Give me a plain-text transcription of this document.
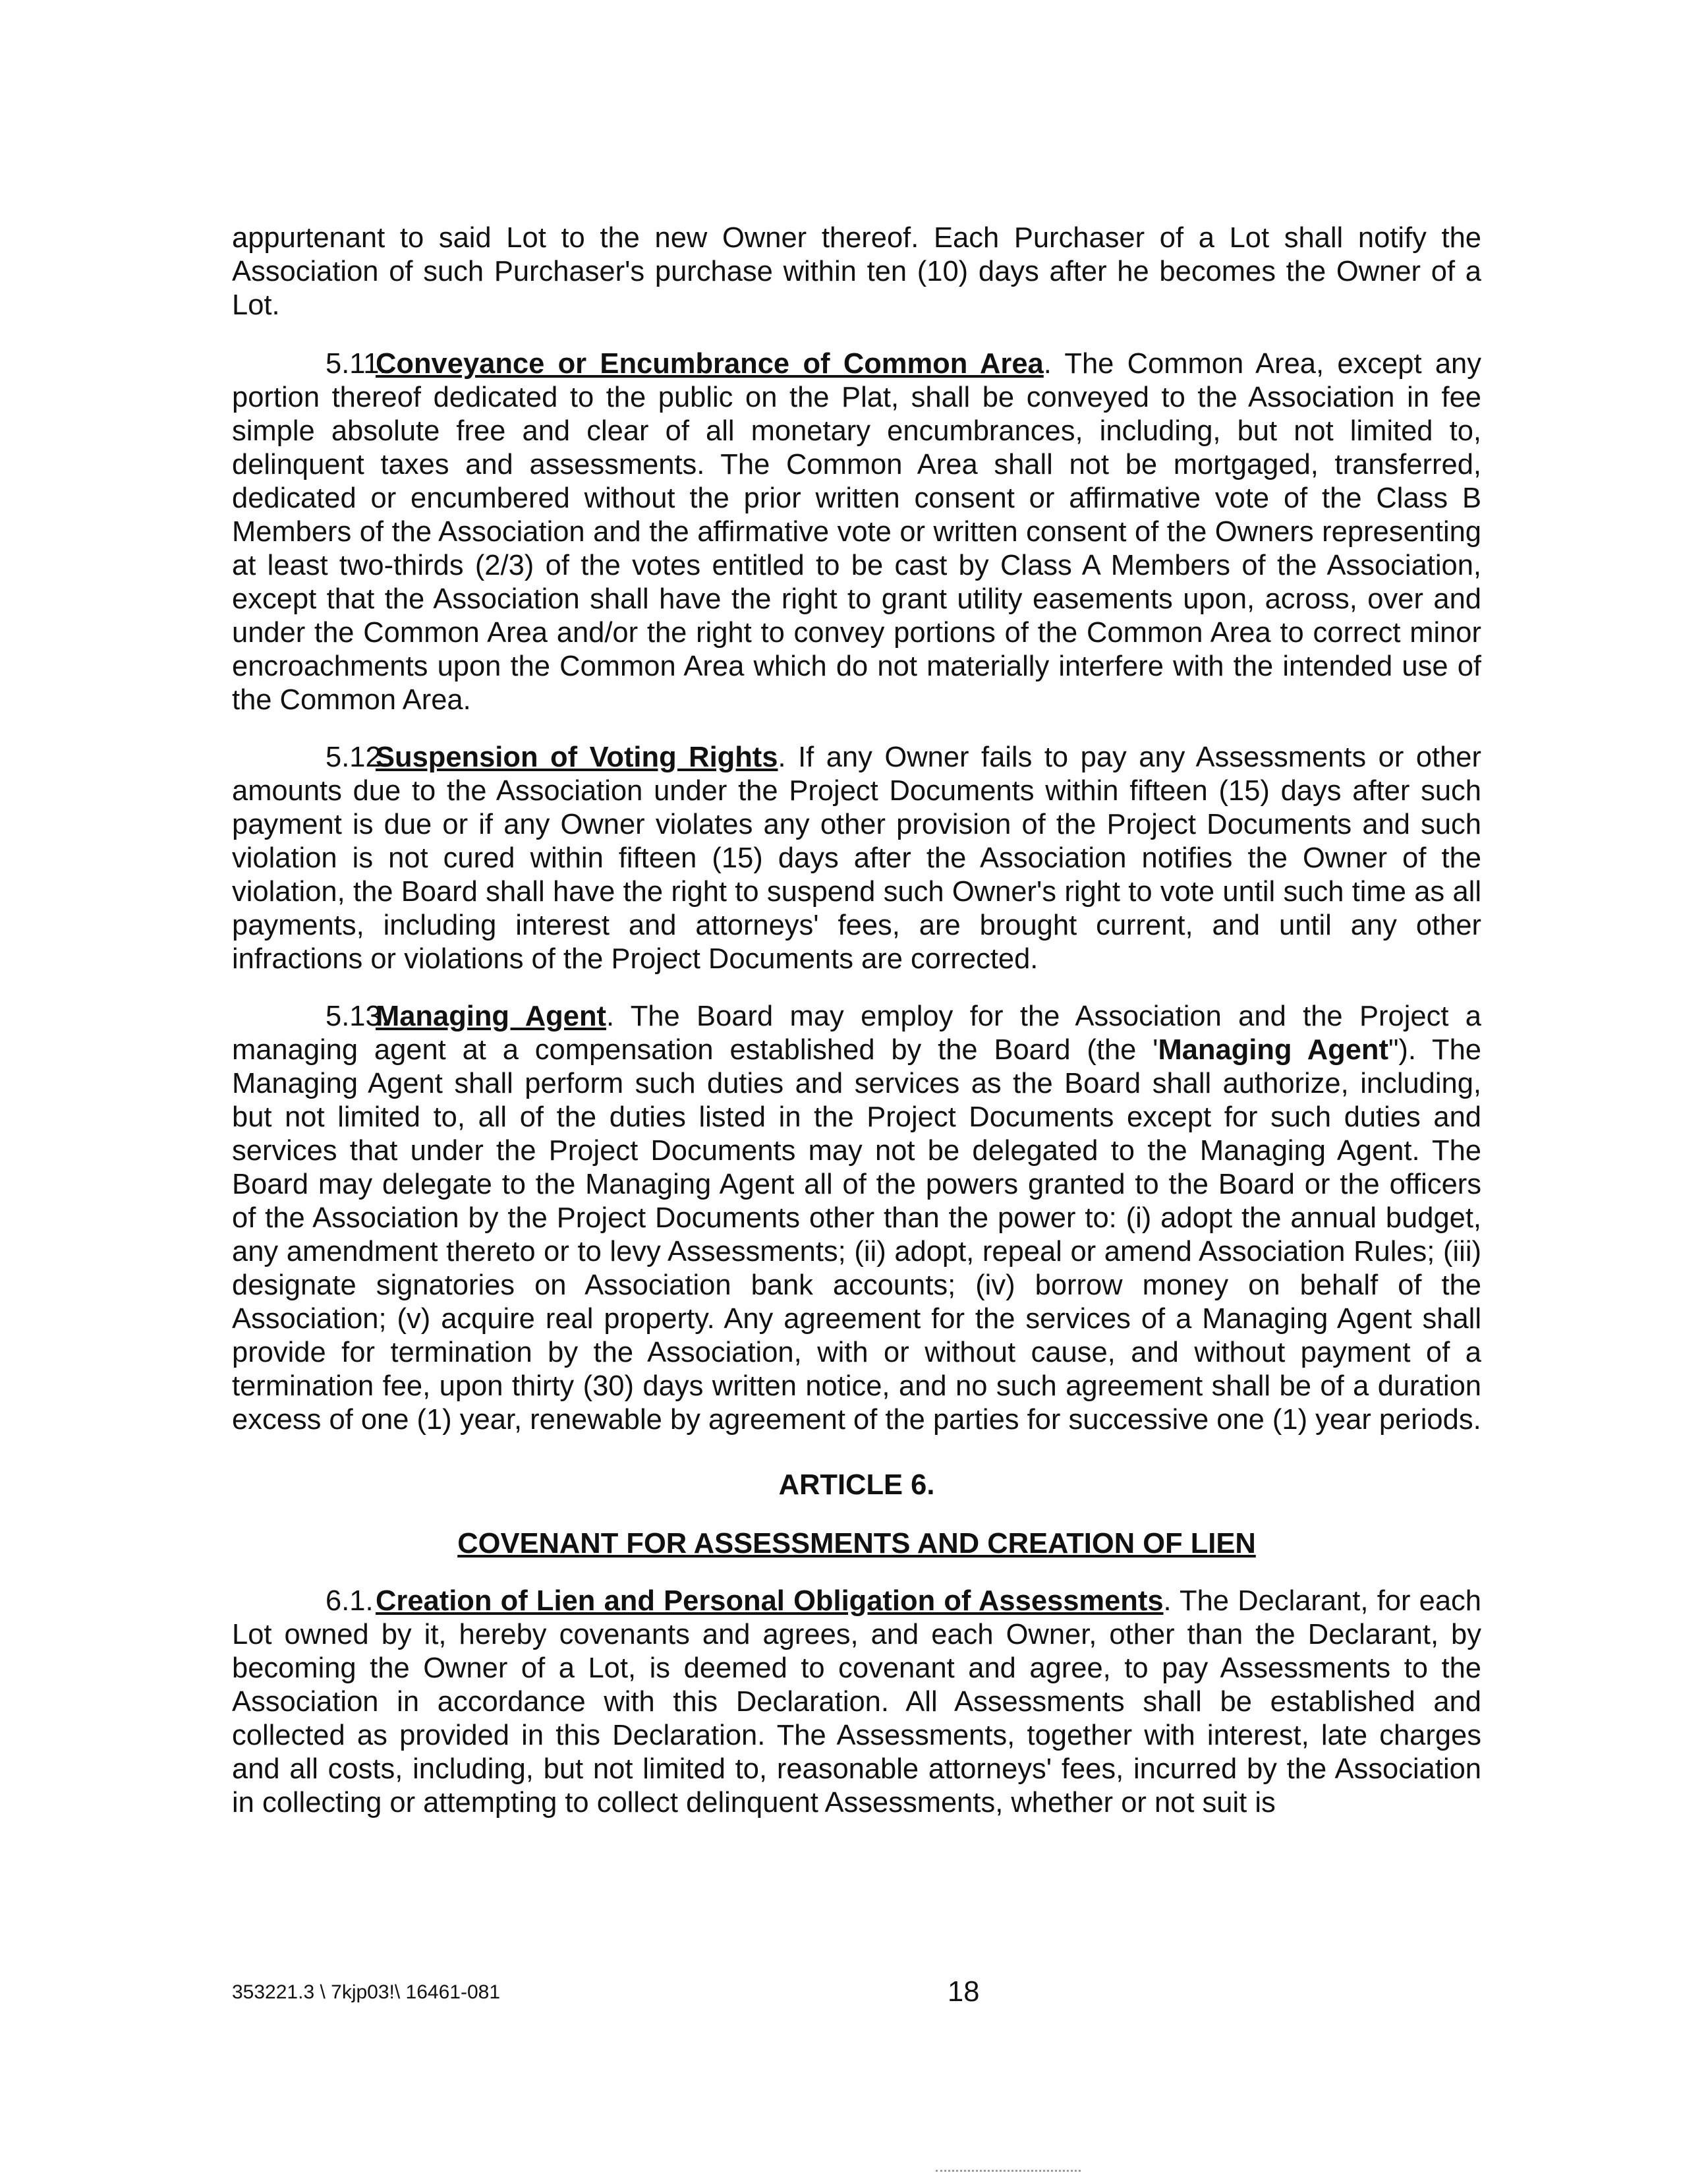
appurtenant to said Lot to the new Owner thereof. Each Purchaser of a Lot shall notify the Association of such Purchaser's purchase within ten (10) days after he becomes the Owner of a Lot.

5.11.Conveyance or Encumbrance of Common Area. The Common Area, except any portion thereof dedicated to the public on the Plat, shall be conveyed to the Association in fee simple absolute free and clear of all monetary encumbrances, including, but not limited to, delinquent taxes and assessments. The Common Area shall not be mortgaged, transferred, dedicated or encumbered without the prior written consent or affirmative vote of the Class B Members of the Association and the affirmative vote or written consent of the Owners representing at least two-thirds (2/3) of the votes entitled to be cast by Class A Members of the Association, except that the Association shall have the right to grant utility easements upon, across, over and under the Common Area and/or the right to convey portions of the Common Area to correct minor encroachments upon the Common Area which do not materially interfere with the intended use of the Common Area.

5.12.Suspension of Voting Rights. If any Owner fails to pay any Assessments or other amounts due to the Association under the Project Documents within fifteen (15) days after such payment is due or if any Owner violates any other provision of the Project Documents and such violation is not cured within fifteen (15) days after the Association notifies the Owner of the violation, the Board shall have the right to suspend such Owner's right to vote until such time as all payments, including interest and attorneys' fees, are brought current, and until any other infractions or violations of the Project Documents are corrected.

5.13.Managing Agent. The Board may employ for the Association and the Project a managing agent at a compensation established by the Board (the 'Managing Agent"). The Managing Agent shall perform such duties and services as the Board shall authorize, including, but not limited to, all of the duties listed in the Project Documents except for such duties and services that under the Project Documents may not be delegated to the Managing Agent. The Board may delegate to the Managing Agent all of the powers granted to the Board or the officers of the Association by the Project Documents other than the power to: (i) adopt the annual budget, any amendment thereto or to levy Assessments; (ii) adopt, repeal or amend Association Rules; (iii) designate signatories on Association bank accounts; (iv) borrow money on behalf of the Association; (v) acquire real property. Any agreement for the services of a Managing Agent shall provide for termination by the Association, with or without cause, and without payment of a termination fee, upon thirty (30) days written notice, and no such agreement shall be of a duration excess of one (1) year, renewable by agreement of the parties for successive one (1) year periods.

ARTICLE 6.

COVENANT FOR ASSESSMENTS AND CREATION OF LIEN

6.1.Creation of Lien and Personal Obligation of Assessments. The Declarant, for each Lot owned by it, hereby covenants and agrees, and each Owner, other than the Declarant, by becoming the Owner of a Lot, is deemed to covenant and agree, to pay Assessments to the Association in accordance with this Declaration. All Assessments shall be established and collected as provided in this Declaration. The Assessments, together with interest, late charges and all costs, including, but not limited to, reasonable attorneys' fees, incurred by the Association in collecting or attempting to collect delinquent Assessments, whether or not suit is

353221.3 \ 7kjp03!\ 16461-081	18
